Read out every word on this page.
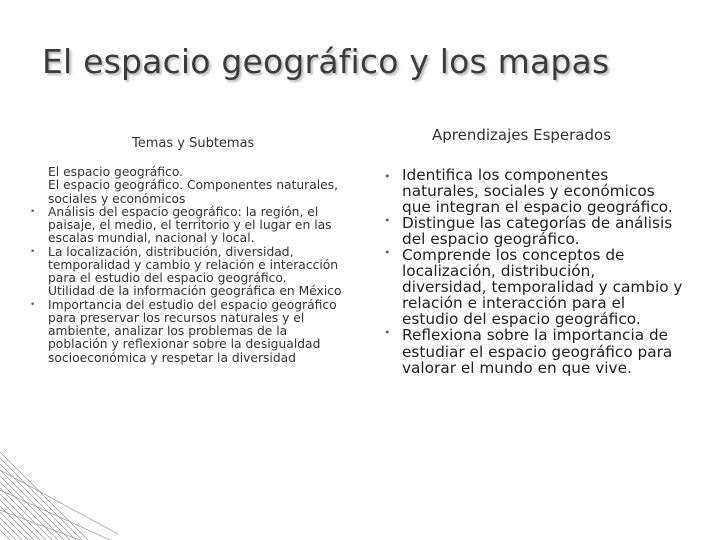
El espacio geográfico y los mapas
Temas y Subtemas	Aprendizajes Esperados
El espacio geográfico.
El espacio geográfico. Componentes naturales, sociales y económicos
• Análisis del espacio geográfico: la región, el paisaje, el medio, el territorio y el lugar en las escalas mundial, nacional y local.
• La localización, distribución, diversidad, temporalidad y cambio y relación e interacción para el estudio del espacio geográfico.
Utilidad de la información geográfica en México
• Importancia del estudio del espacio geográfico para preservar los recursos naturales y el ambiente, analizar los problemas de la población y reflexionar sobre la desigualdad socioeconómica y respetar la diversidad
• Identifica los componentes naturales, sociales y económicos que integran el espacio geográfico.
• Distingue las categorías de análisis del espacio geográfico.
• Comprende los conceptos de localización, distribución, diversidad, temporalidad y cambio y relación e interacción para el estudio del espacio geográfico.
• Reflexiona sobre la importancia de estudiar el espacio geográfico para valorar el mundo en que vive.
